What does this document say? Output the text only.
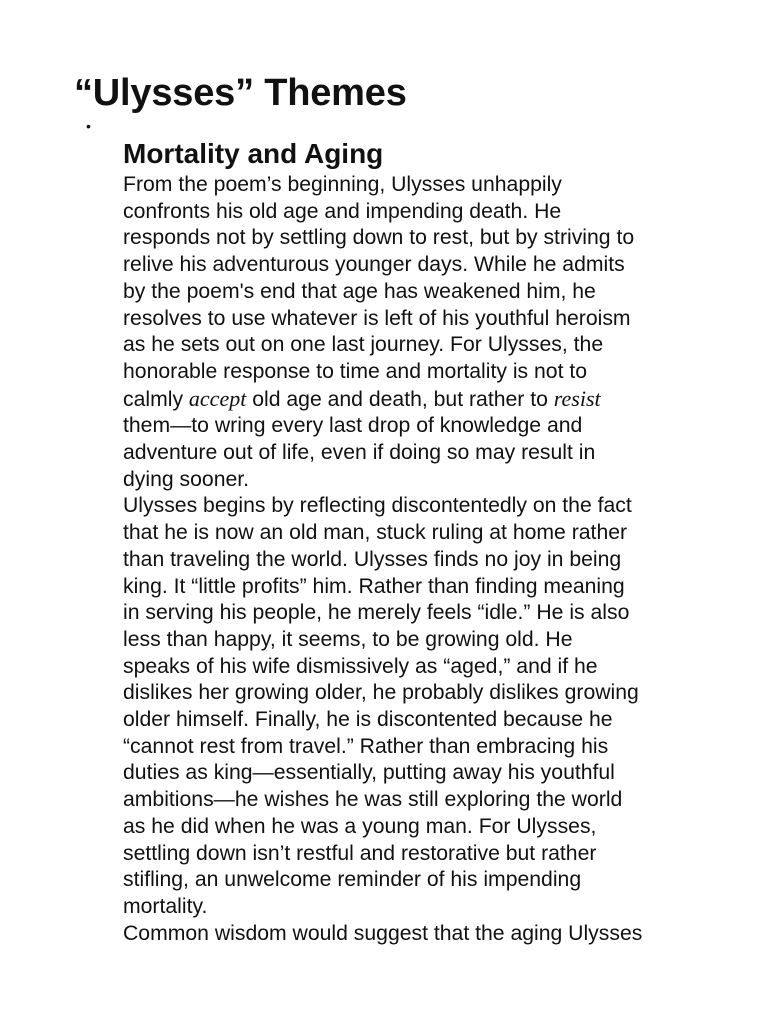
“Ulysses” Themes
•
Mortality and Aging
From the poem’s beginning, Ulysses unhappily
confronts his old age and impending death. He
responds not by settling down to rest, but by striving to
relive his adventurous younger days. While he admits
by the poem's end that age has weakened him, he
resolves to use whatever is left of his youthful heroism
as he sets out on one last journey. For Ulysses, the
honorable response to time and mortality is not to
calmly accept old age and death, but rather to resist
them—to wring every last drop of knowledge and
adventure out of life, even if doing so may result in
dying sooner.
Ulysses begins by reflecting discontentedly on the fact
that he is now an old man, stuck ruling at home rather
than traveling the world. Ulysses finds no joy in being
king. It “little profits” him. Rather than finding meaning
in serving his people, he merely feels “idle.” He is also
less than happy, it seems, to be growing old. He
speaks of his wife dismissively as “aged,” and if he
dislikes her growing older, he probably dislikes growing
older himself. Finally, he is discontented because he
“cannot rest from travel.” Rather than embracing his
duties as king—essentially, putting away his youthful
ambitions—he wishes he was still exploring the world
as he did when he was a young man. For Ulysses,
settling down isn’t restful and restorative but rather
stifling, an unwelcome reminder of his impending
mortality.
Common wisdom would suggest that the aging Ulysses
